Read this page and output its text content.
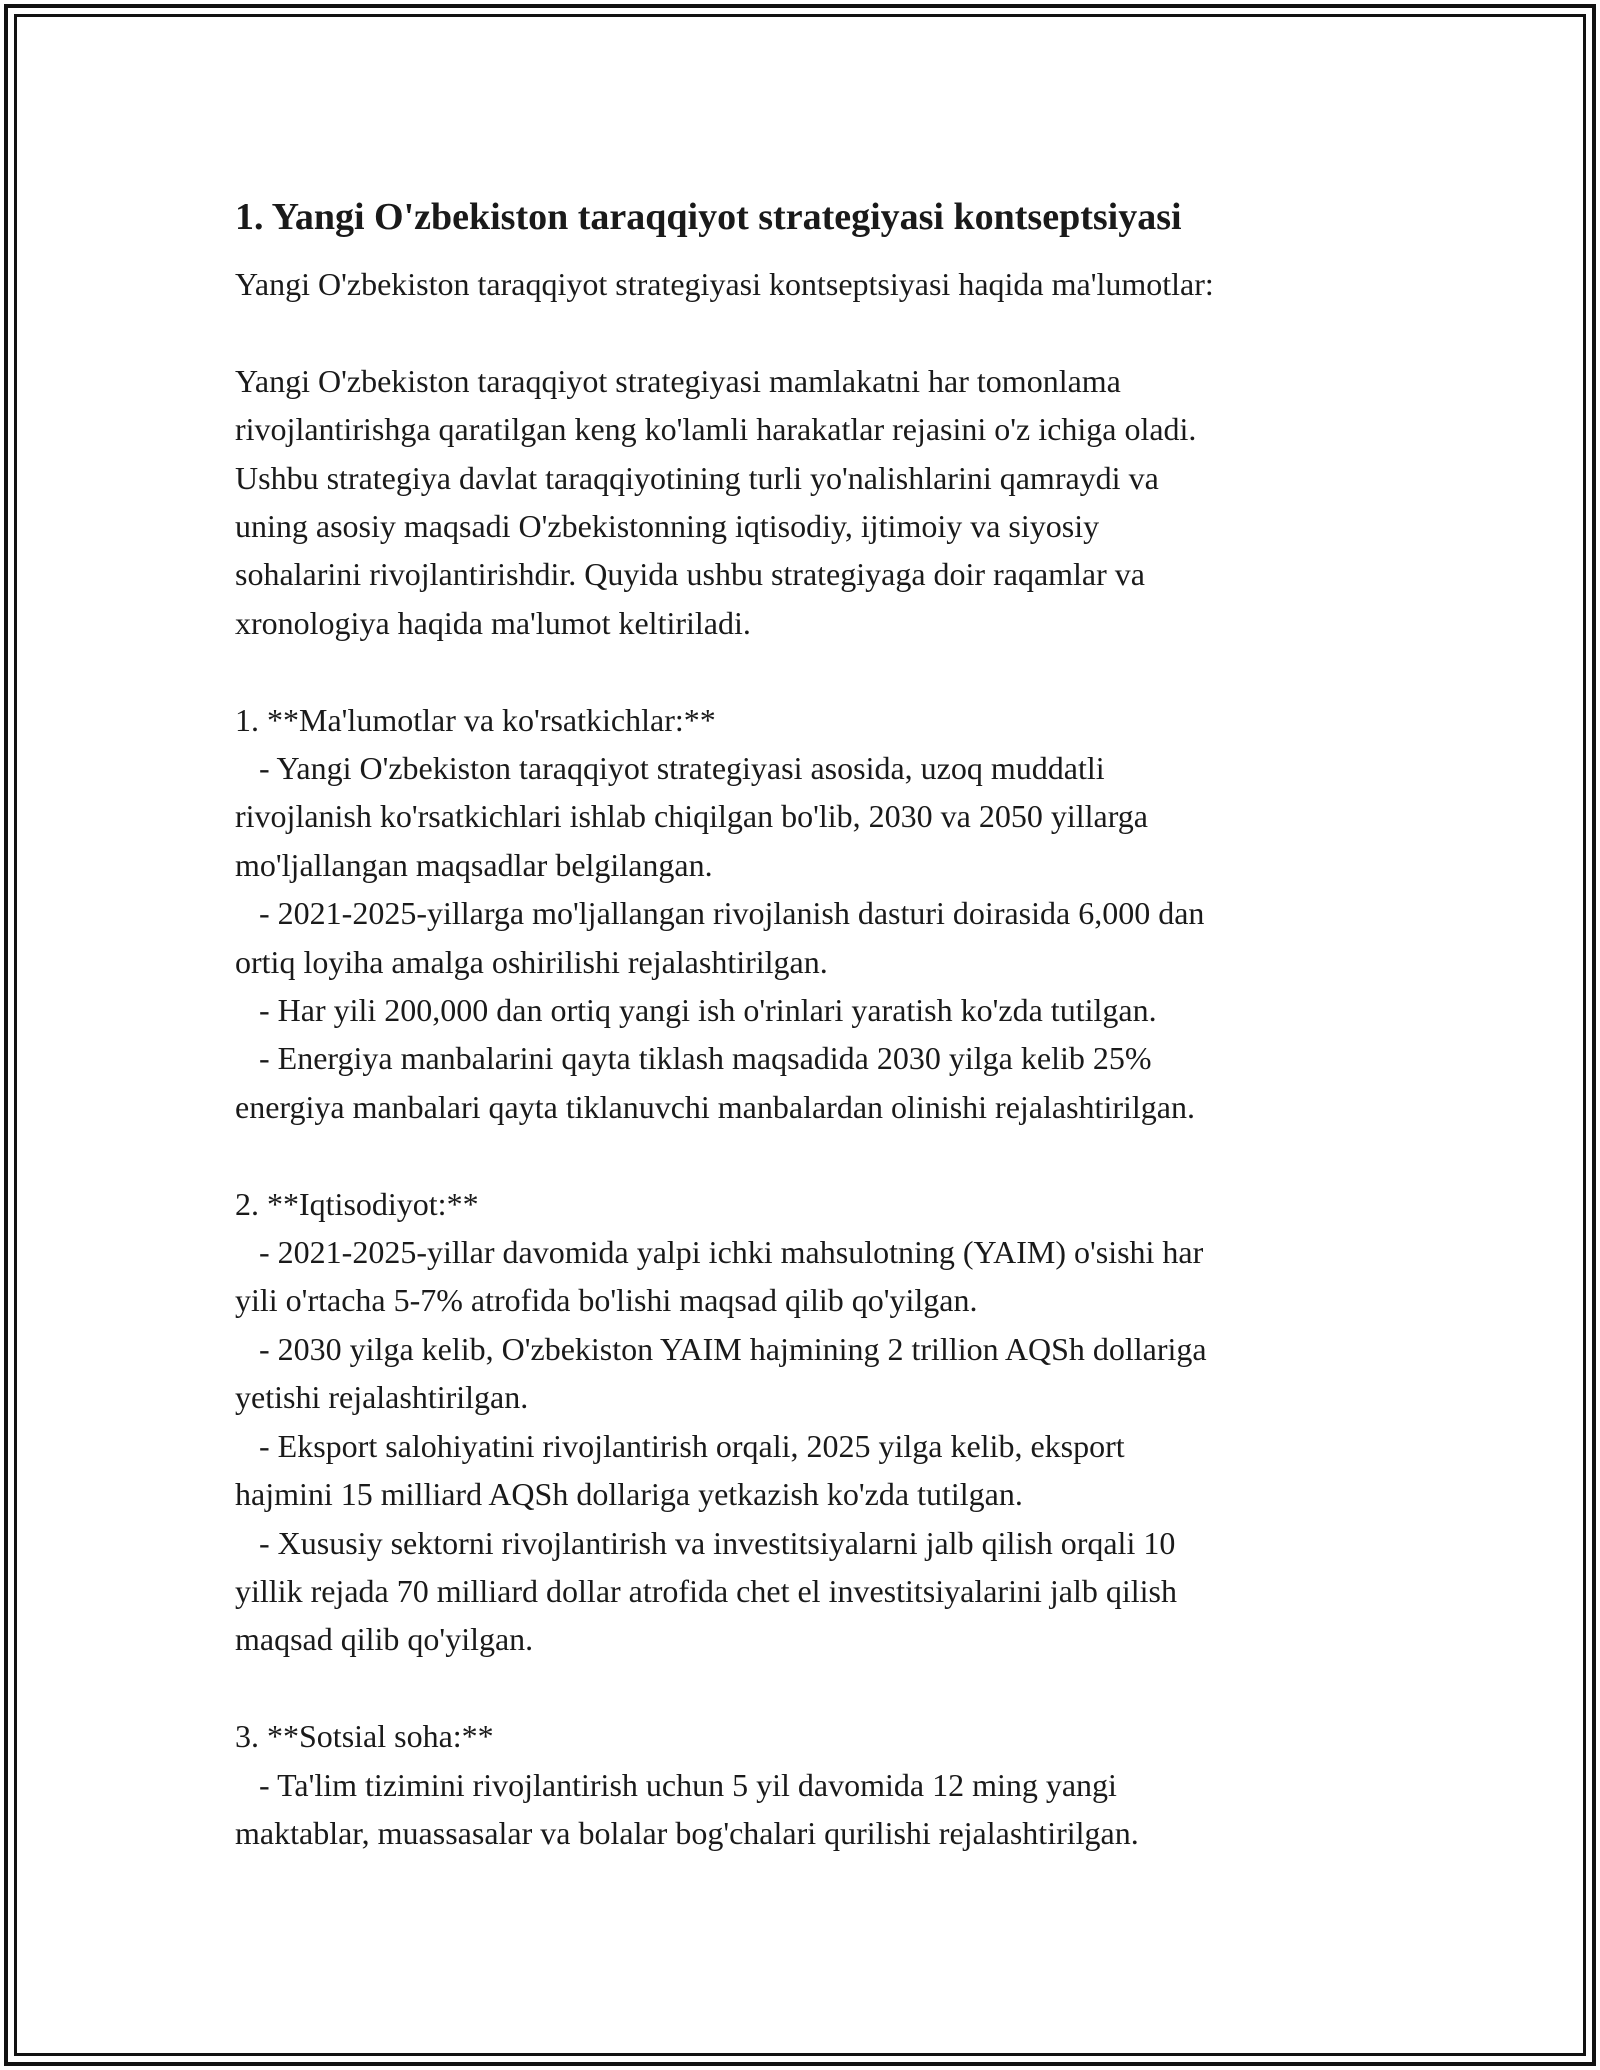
1. Yangi O'zbekiston taraqqiyot strategiyasi kontseptsiyasi

Yangi O'zbekiston taraqqiyot strategiyasi kontseptsiyasi haqida ma'lumotlar:

Yangi O'zbekiston taraqqiyot strategiyasi mamlakatni har tomonlama

rivojlantirishga qaratilgan keng ko'lamli harakatlar rejasini o'z ichiga oladi.

Ushbu strategiya davlat taraqqiyotining turli yo'nalishlarini qamraydi va

uning asosiy maqsadi O'zbekistonning iqtisodiy, ijtimoiy va siyosiy

sohalarini rivojlantirishdir. Quyida ushbu strategiyaga doir raqamlar va

xronologiya haqida ma'lumot keltiriladi.

1. **Ma'lumotlar va ko'rsatkichlar:**

- Yangi O'zbekiston taraqqiyot strategiyasi asosida, uzoq muddatli

rivojlanish ko'rsatkichlari ishlab chiqilgan bo'lib, 2030 va 2050 yillarga

mo'ljallangan maqsadlar belgilangan.

- 2021-2025-yillarga mo'ljallangan rivojlanish dasturi doirasida 6,000 dan

ortiq loyiha amalga oshirilishi rejalashtirilgan.

- Har yili 200,000 dan ortiq yangi ish o'rinlari yaratish ko'zda tutilgan.

- Energiya manbalarini qayta tiklash maqsadida 2030 yilga kelib 25%

energiya manbalari qayta tiklanuvchi manbalardan olinishi rejalashtirilgan.

2. **Iqtisodiyot:**

- 2021-2025-yillar davomida yalpi ichki mahsulotning (YAIM) o'sishi har

yili o'rtacha 5-7% atrofida bo'lishi maqsad qilib qo'yilgan.

- 2030 yilga kelib, O'zbekiston YAIM hajmining 2 trillion AQSh dollariga

yetishi rejalashtirilgan.

- Eksport salohiyatini rivojlantirish orqali, 2025 yilga kelib, eksport

hajmini 15 milliard AQSh dollariga yetkazish ko'zda tutilgan.

- Xususiy sektorni rivojlantirish va investitsiyalarni jalb qilish orqali 10

yillik rejada 70 milliard dollar atrofida chet el investitsiyalarini jalb qilish

maqsad qilib qo'yilgan.

3. **Sotsial soha:**

- Ta'lim tizimini rivojlantirish uchun 5 yil davomida 12 ming yangi

maktablar, muassasalar va bolalar bog'chalari qurilishi rejalashtirilgan.
